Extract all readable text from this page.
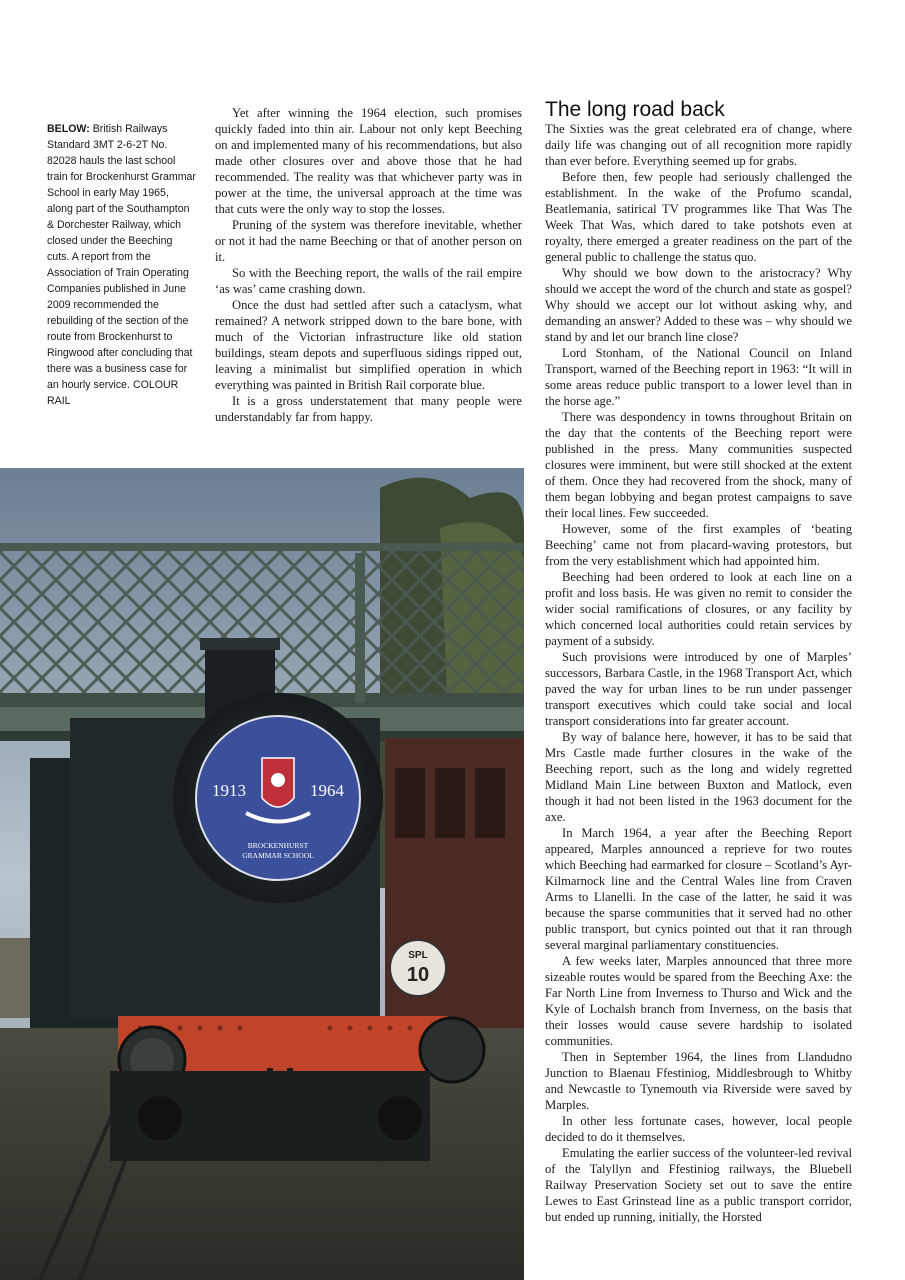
BELOW: British Railways Standard 3MT 2-6-2T No. 82028 hauls the last school train for Brockenhurst Grammar School in early May 1965, along part of the Southampton & Dorchester Railway, which closed under the Beeching cuts. A report from the Association of Train Operating Companies published in June 2009 recommended the rebuilding of the section of the route from Brockenhurst to Ringwood after concluding that there was a business case for an hourly service. COLOUR RAIL

Yet after winning the 1964 election, such promises quickly faded into thin air. Labour not only kept Beeching on and implemented many of his recommendations, but also made other closures over and above those that he had recommended. The reality was that whichever party was in power at the time, the universal approach at the time was that cuts were the only way to stop the losses.

Pruning of the system was therefore inevitable, whether or not it had the name Beeching or that of another person on it.

So with the Beeching report, the walls of the rail empire ‘as was’ came crashing down.

Once the dust had settled after such a cataclysm, what remained? A network stripped down to the bare bone, with much of the Victorian infrastructure like old station buildings, steam depots and superfluous sidings ripped out, leaving a minimalist but simplified operation in which everything was painted in British Rail corporate blue.

It is a gross understatement that many people were understandably far from happy.

The long road back

The Sixties was the great celebrated era of change, where daily life was changing out of all recognition more rapidly than ever before. Everything seemed up for grabs.

Before then, few people had seriously challenged the establishment. In the wake of the Profumo scandal, Beatlemania, satirical TV programmes like That Was The Week That Was, which dared to take potshots even at royalty, there emerged a greater readiness on the part of the general public to challenge the status quo.

Why should we bow down to the aristocracy? Why should we accept the word of the church and state as gospel? Why should we accept our lot without asking why, and demanding an answer? Added to these was – why should we stand by and let our branch line close?

Lord Stonham, of the National Council on Inland Transport, warned of the Beeching report in 1963: “It will in some areas reduce public transport to a lower level than in the horse age.”

There was despondency in towns throughout Britain on the day that the contents of the Beeching report were published in the press. Many communities suspected closures were imminent, but were still shocked at the extent of them. Once they had recovered from the shock, many of them began lobbying and began protest campaigns to save their local lines. Few succeeded.

However, some of the first examples of ‘beating Beeching’ came not from placard-waving protestors, but from the very establishment which had appointed him.

Beeching had been ordered to look at each line on a profit and loss basis. He was given no remit to consider the wider social ramifications of closures, or any facility by which concerned local authorities could retain services by payment of a subsidy.

Such provisions were introduced by one of Marples’ successors, Barbara Castle, in the 1968 Transport Act, which paved the way for urban lines to be run under passenger transport executives which could take social and local transport considerations into far greater account.

By way of balance here, however, it has to be said that Mrs Castle made further closures in the wake of the Beeching report, such as the long and widely regretted Midland Main Line between Buxton and Matlock, even though it had not been listed in the 1963 document for the axe.

In March 1964, a year after the Beeching Report appeared, Marples announced a reprieve for two routes which Beeching had earmarked for closure – Scotland’s Ayr-Kilmarnock line and the Central Wales line from Craven Arms to Llanelli. In the case of the latter, he said it was because the sparse communities that it served had no other public transport, but cynics pointed out that it ran through several marginal parliamentary constituencies.

A few weeks later, Marples announced that three more sizeable routes would be spared from the Beeching Axe: the Far North Line from Inverness to Thurso and Wick and the Kyle of Lochalsh branch from Inverness, on the basis that their losses would cause severe hardship to isolated communities.

Then in September 1964, the lines from Llandudno Junction to Blaenau Ffestiniog, Middlesbrough to Whitby and Newcastle to Tynemouth via Riverside were saved by Marples.

In other less fortunate cases, however, local people decided to do it themselves.

Emulating the earlier success of the volunteer-led revival of the Talyllyn and Ffestiniog railways, the Bluebell Railway Preservation Society set out to save the entire Lewes to East Grinstead line as a public transport corridor, but ended up running, initially, the Horsted

1913	1964
BROCKENHURST
GRAMMAR SCHOOL
SPL
10
